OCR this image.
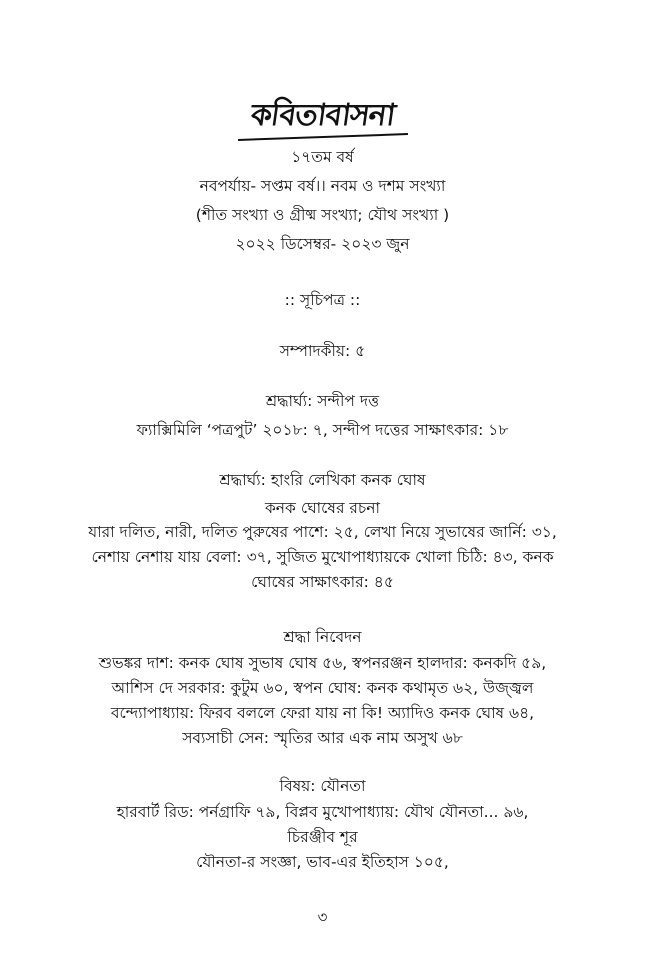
কবিতাবাসনা
১৭তম বর্ষ
নবপর্যায়- সপ্তম বর্ষ।। নবম ও দশম সংখ্যা
(শীত সংখ্যা ও গ্রীষ্ম সংখ্যা; যৌথ সংখ্যা )
২০২২ ডিসেম্বর- ২০২৩ জুন
:: সূচিপত্র ::
সম্পাদকীয়: ৫
শ্রদ্ধার্ঘ্য: সন্দীপ দত্ত
ফ্যাক্সিমিলি ‘পত্রপুট’ ২০১৮: ৭, সন্দীপ দত্তের সাক্ষাৎকার: ১৮
শ্রদ্ধার্ঘ্য: হাংরি লেখিকা কনক ঘোষ
কনক ঘোষের রচনা
যারা দলিত, নারী, দলিত পুরুষের পাশে: ২৫, লেখা নিয়ে সুভাষের জার্নি: ৩১,
নেশায় নেশায় যায় বেলা: ৩৭, সুজিত মুখোপাধ্যায়কে খোলা চিঠি: ৪৩, কনক
ঘোষের সাক্ষাৎকার: ৪৫
শ্রদ্ধা নিবেদন
শুভঙ্কর দাশ: কনক ঘোষ সুভাষ ঘোষ ৫৬, স্বপনরঞ্জন হালদার: কনকদি ৫৯,
আশিস দে সরকার: কুটুম ৬০, স্বপন ঘোষ: কনক কথামৃত ৬২, উজ্জ্বল
বন্দ্যোপাধ্যায়: ফিরব বললে ফেরা যায় না কি! অ্যাদিও কনক ঘোষ ৬৪,
সব্যসাচী সেন: স্মৃতির আর এক নাম অসুখ ৬৮
বিষয়: যৌনতা
হারবার্ট রিড: পর্নগ্রাফি ৭৯, বিপ্লব মুখোপাধ্যায়: যৌথ যৌনতা... ৯৬,
চিরঞ্জীব শূর
যৌনতা-র সংজ্ঞা, ভাব-এর ইতিহাস ১০৫,
৩
